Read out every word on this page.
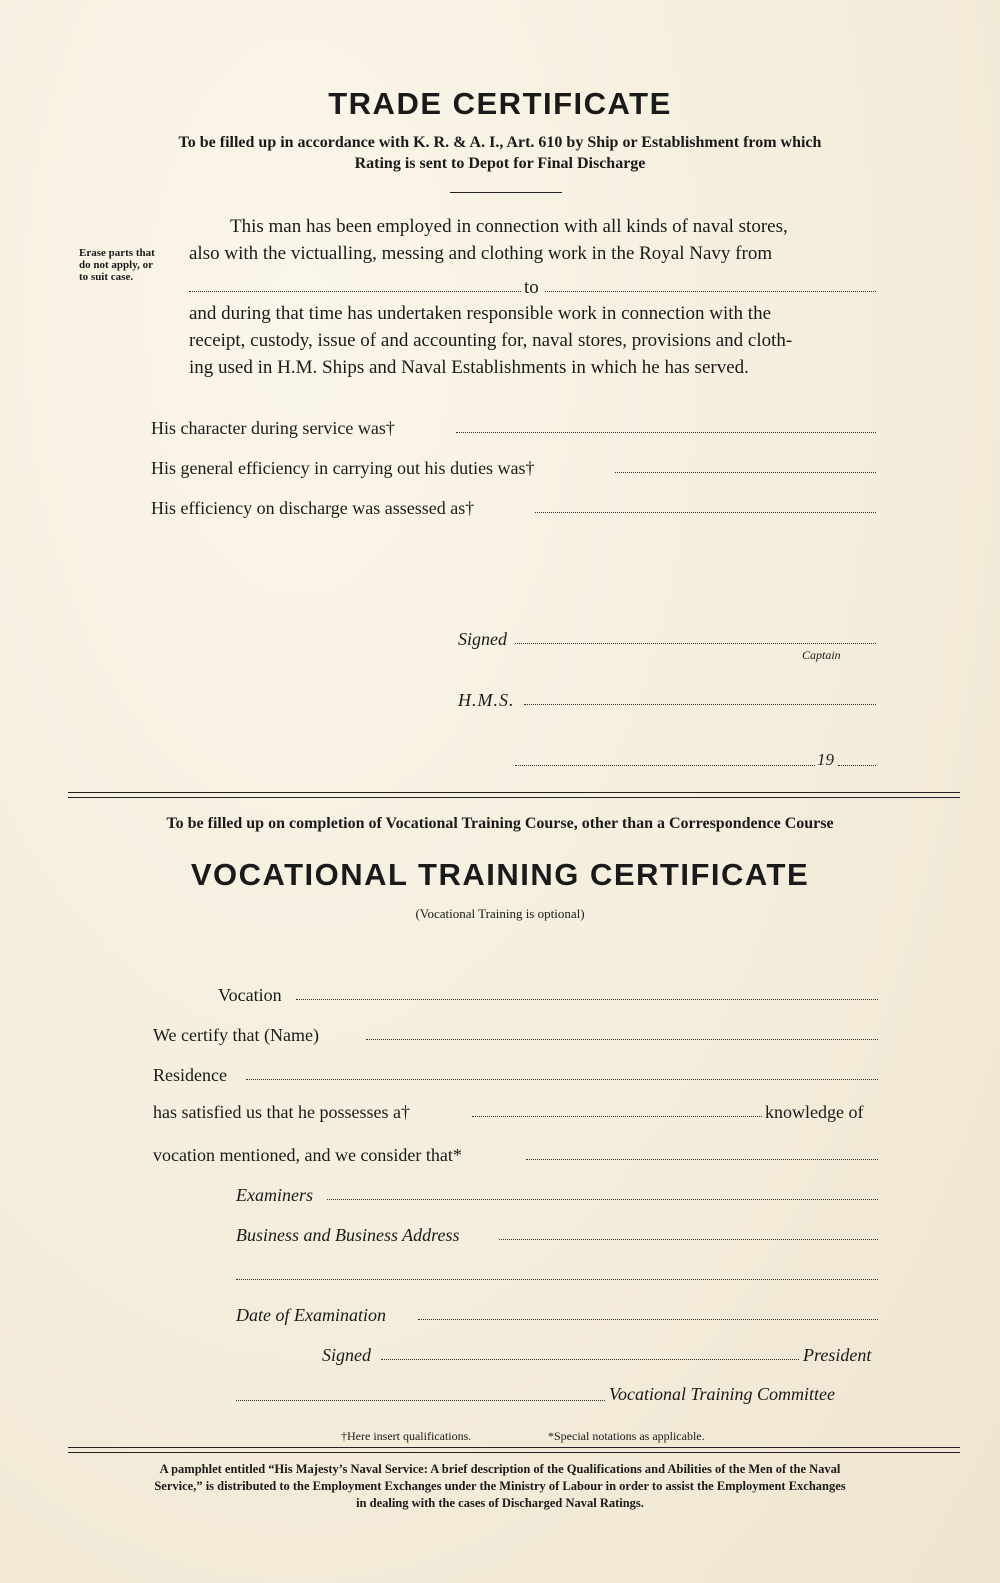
TRADE CERTIFICATE
To be filled up in accordance with K. R. & A. I., Art. 610 by Ship or Establishment from which
Rating is sent to Depot for Final Discharge
Erase parts that
do not apply, or
to suit case.
This man has been employed in connection with all kinds of naval stores,
also with the victualling, messing and clothing work in the Royal Navy from
to
and during that time has undertaken responsible work in connection with the
receipt, custody, issue of and accounting for, naval stores, provisions and cloth-
ing used in H.M. Ships and Naval Establishments in which he has served.
His character during service was†
His general efficiency in carrying out his duties was†
His efficiency on discharge was assessed as†
Signed
Captain
H.M.S.
19
To be filled up on completion of Vocational Training Course, other than a Correspondence Course
VOCATIONAL TRAINING CERTIFICATE
(Vocational Training is optional)
Vocation
We certify that (Name)
Residence
has satisfied us that he possesses a†	knowledge of
vocation mentioned, and we consider that*
Examiners
Business and Business Address
Date of Examination
Signed	President
Vocational Training Committee
†Here insert qualifications.	*Special notations as applicable.
A pamphlet entitled “His Majesty’s Naval Service: A brief description of the Qualifications and Abilities of the Men of the Naval
Service,” is distributed to the Employment Exchanges under the Ministry of Labour in order to assist the Employment Exchanges
in dealing with the cases of Discharged Naval Ratings.
